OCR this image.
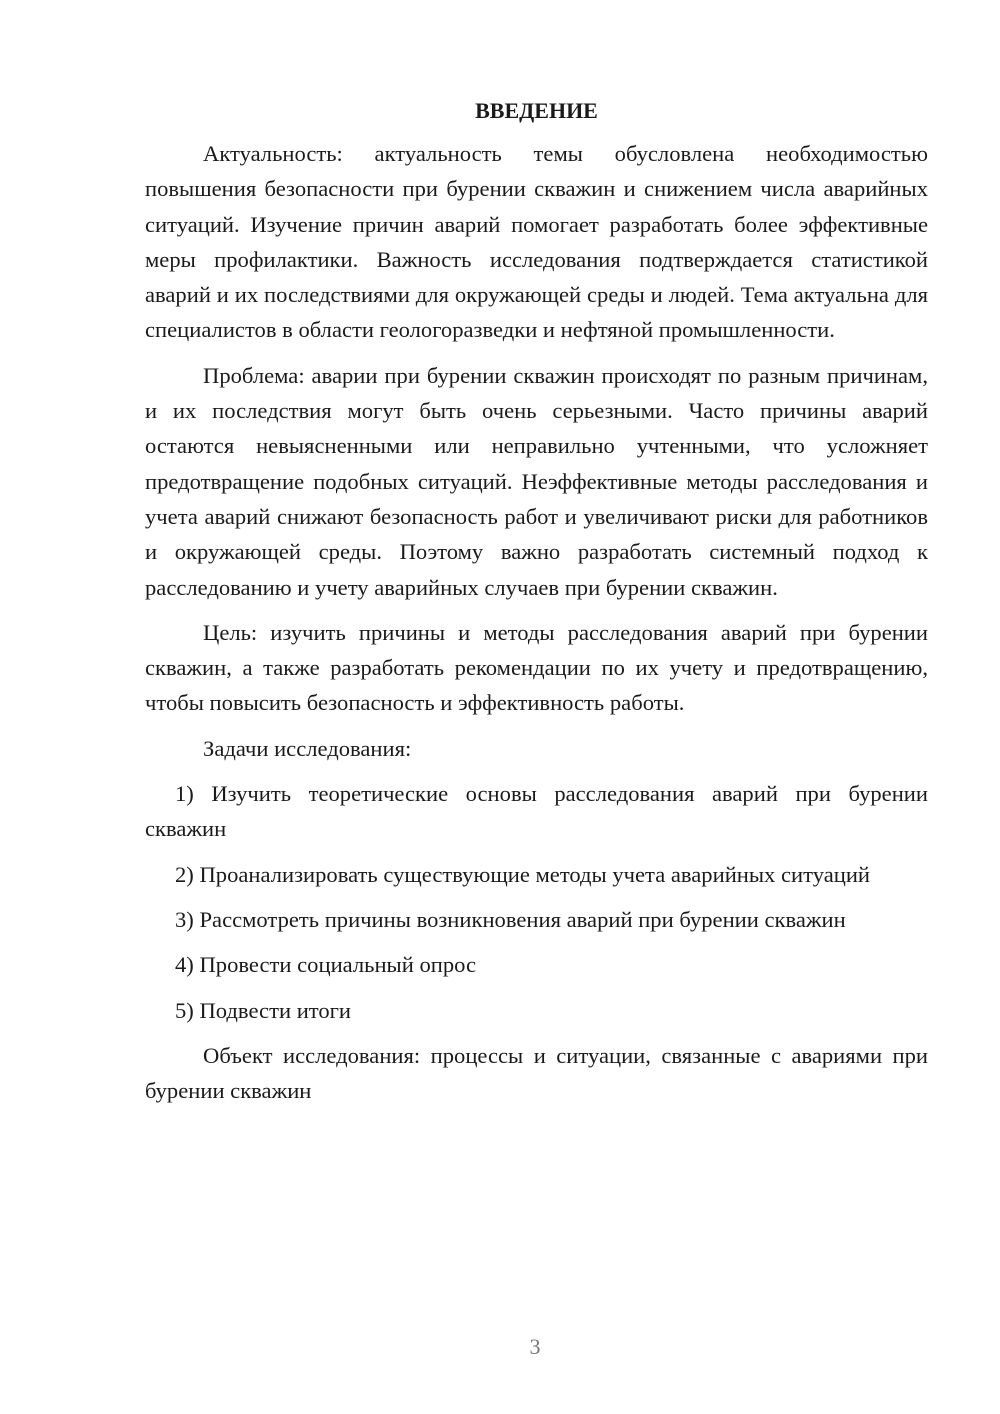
ВВЕДЕНИЕ

Актуальность: актуальность темы обусловлена необходимостью повышения безопасности при бурении скважин и снижением числа аварийных ситуаций. Изучение причин аварий помогает разработать более эффективные меры профилактики. Важность исследования подтверждается статистикой аварий и их последствиями для окружающей среды и людей. Тема актуальна для специалистов в области геологоразведки и нефтяной промышленности.

Проблема: аварии при бурении скважин происходят по разным причинам, и их последствия могут быть очень серьезными. Часто причины аварий остаются невыясненными или неправильно учтенными, что усложняет предотвращение подобных ситуаций. Неэффективные методы расследования и учета аварий снижают безопасность работ и увеличивают риски для работников и окружающей среды. Поэтому важно разработать системный подход к расследованию и учету аварийных случаев при бурении скважин.

Цель: изучить причины и методы расследования аварий при бурении скважин, а также разработать рекомендации по их учету и предотвращению, чтобы повысить безопасность и эффективность работы.

Задачи исследования:

1) Изучить теоретические основы расследования аварий при бурении скважин

2) Проанализировать существующие методы учета аварийных ситуаций

3) Рассмотреть причины возникновения аварий при бурении скважин

4) Провести социальный опрос

5) Подвести итоги

Объект исследования: процессы и ситуации, связанные с авариями при бурении скважин

3
